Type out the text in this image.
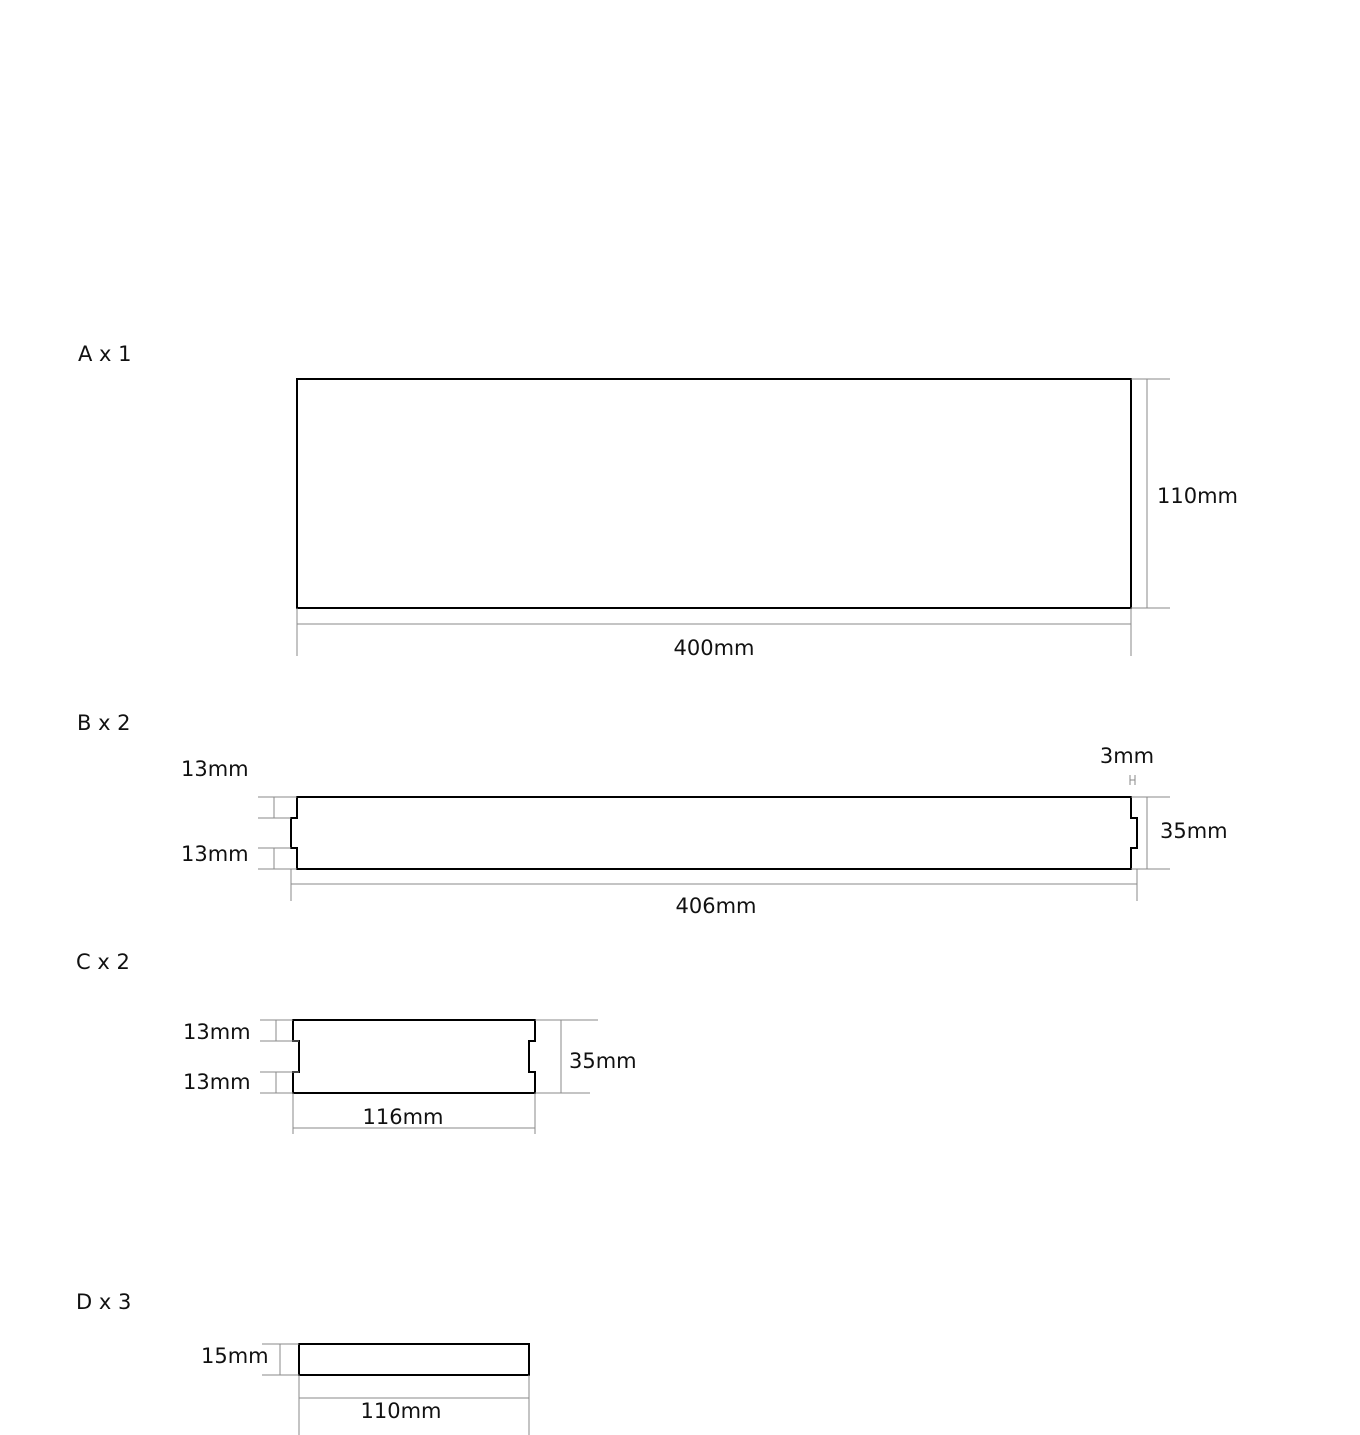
A x 1
110mm
400mm
B x 2
13mm
13mm
3mm
35mm
406mm
C x 2
13mm
13mm
35mm
116mm
D x 3
15mm
110mm
